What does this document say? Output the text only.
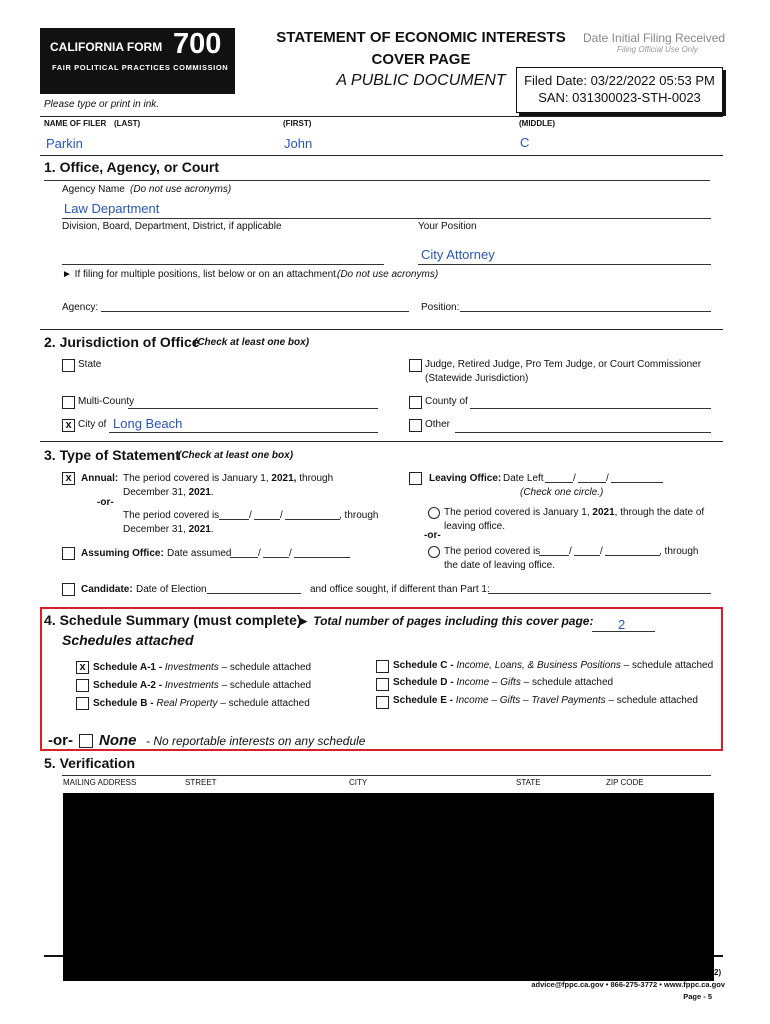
CALIFORNIA FORM 700
FAIR POLITICAL PRACTICES COMMISSION
STATEMENT OF ECONOMIC INTERESTS
COVER PAGE
A PUBLIC DOCUMENT
Date Initial Filing Received
Filing Official Use Only
Filed Date: 03/22/2022 05:53 PM
SAN: 031300023-STH-0023
Please type or print in ink.
NAME OF FILER (LAST)	(FIRST)	(MIDDLE)
Parkin	John	C
1. Office, Agency, or Court
Agency Name (Do not use acronyms)
Law Department
Division, Board, Department, District, if applicable	Your Position
City Attorney
► If filing for multiple positions, list below or on an attachment.
(Do not use acronyms)
Agency:	Position:
2. Jurisdiction of Office
(Check at least one box)
State	Judge, Retired Judge, Pro Tem Judge, or Court Commissioner
(Statewide Jurisdiction)
Multi-County	County of
x City of Long Beach	Other
3. Type of Statement
(Check at least one box)
x Annual: The period covered is January 1, 2021, through
December 31, 2021.
-or-
The period covered is	/	/	, through
December 31, 2021.
Assuming Office: Date assumed	/	/
Leaving Office: Date Left	/	/
(Check one circle.)
The period covered is January 1, 2021, through the date of
leaving office.
-or-
The period covered is	/	/	, through
the date of leaving office.
Candidate: Date of Election	and office sought, if different than Part 1:
4. Schedule Summary (must complete)
► Total number of pages including this cover page: 2
Schedules attached
x Schedule A-1 - Investments – schedule attached
Schedule A-2 - Investments – schedule attached
Schedule B - Real Property – schedule attached
Schedule C - Income, Loans, & Business Positions – schedule attached
Schedule D - Income – Gifts – schedule attached
Schedule E - Income – Gifts – Travel Payments – schedule attached
-or- None - No reportable interests on any schedule
5. Verification
MAILING ADDRESS	STREET	CITY	STATE	ZIP CODE
2)
advice@fppc.ca.gov • 866-275-3772 • www.fppc.ca.gov
Page - 5
